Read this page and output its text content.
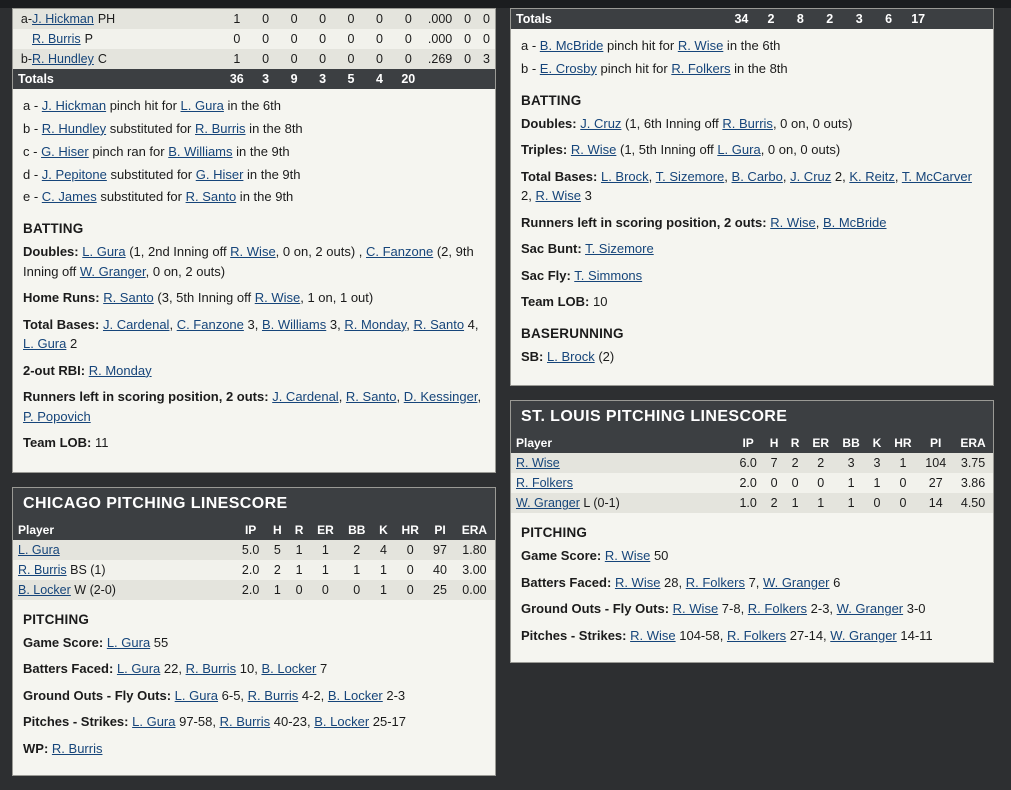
a-J. Hickman PH	1	0	0	0	0	0	0	.000	0	0
R. Burris P	0	0	0	0	0	0	0	.000	0	0
b-R. Hundley C	1	0	0	0	0	0	0	.269	0	3
Totals	36	3	9	3	5	4	20			

a - J. Hickman pinch hit for L. Gura in the 6th

b - R. Hundley substituted for R. Burris in the 8th

c - G. Hiser pinch ran for B. Williams in the 9th

d - J. Pepitone substituted for G. Hiser in the 9th

e - C. James substituted for R. Santo in the 9th

BATTING

Doubles: L. Gura (1, 2nd Inning off R. Wise, 0 on, 2 outs) , C. Fanzone (2, 9th Inning off W. Granger, 0 on, 2 outs)

Home Runs: R. Santo (3, 5th Inning off R. Wise, 1 on, 1 out)

Total Bases: J. Cardenal, C. Fanzone 3, B. Williams 3, R. Monday, R. Santo 4, L. Gura 2

2-out RBI: R. Monday

Runners left in scoring position, 2 outs: J. Cardenal, R. Santo, D. Kessinger, P. Popovich

Team LOB: 11

CHICAGO PITCHING LINESCORE
Player	IP	H	R	ER	BB	K	HR	PI	ERA
L. Gura	5.0	5	1	1	2	4	0	97	1.80
R. Burris BS (1)	2.0	2	1	1	1	1	0	40	3.00
B. Locker W (2-0)	2.0	1	0	0	0	1	0	25	0.00
PITCHING

Game Score: L. Gura 55

Batters Faced: L. Gura 22, R. Burris 10, B. Locker 7

Ground Outs - Fly Outs: L. Gura 6-5, R. Burris 4-2, B. Locker 2-3

Pitches - Strikes: L. Gura 97-58, R. Burris 40-23, B. Locker 25-17

WP: R. Burris

Totals	34	2	8	2	3	6	17			

a - B. McBride pinch hit for R. Wise in the 6th

b - E. Crosby pinch hit for R. Folkers in the 8th

BATTING

Doubles: J. Cruz (1, 6th Inning off R. Burris, 0 on, 0 outs)

Triples: R. Wise (1, 5th Inning off L. Gura, 0 on, 0 outs)

Total Bases: L. Brock, T. Sizemore, B. Carbo, J. Cruz 2, K. Reitz, T. McCarver 2, R. Wise 3

Runners left in scoring position, 2 outs: R. Wise, B. McBride

Sac Bunt: T. Sizemore

Sac Fly: T. Simmons

Team LOB: 10

BASERUNNING

SB: L. Brock (2)

ST. LOUIS PITCHING LINESCORE
Player	IP	H	R	ER	BB	K	HR	PI	ERA
R. Wise	6.0	7	2	2	3	3	1	104	3.75
R. Folkers	2.0	0	0	0	1	1	0	27	3.86
W. Granger L (0-1)	1.0	2	1	1	1	0	0	14	4.50
PITCHING

Game Score: R. Wise 50

Batters Faced: R. Wise 28, R. Folkers 7, W. Granger 6

Ground Outs - Fly Outs: R. Wise 7-8, R. Folkers 2-3, W. Granger 3-0

Pitches - Strikes: R. Wise 104-58, R. Folkers 27-14, W. Granger 14-11
